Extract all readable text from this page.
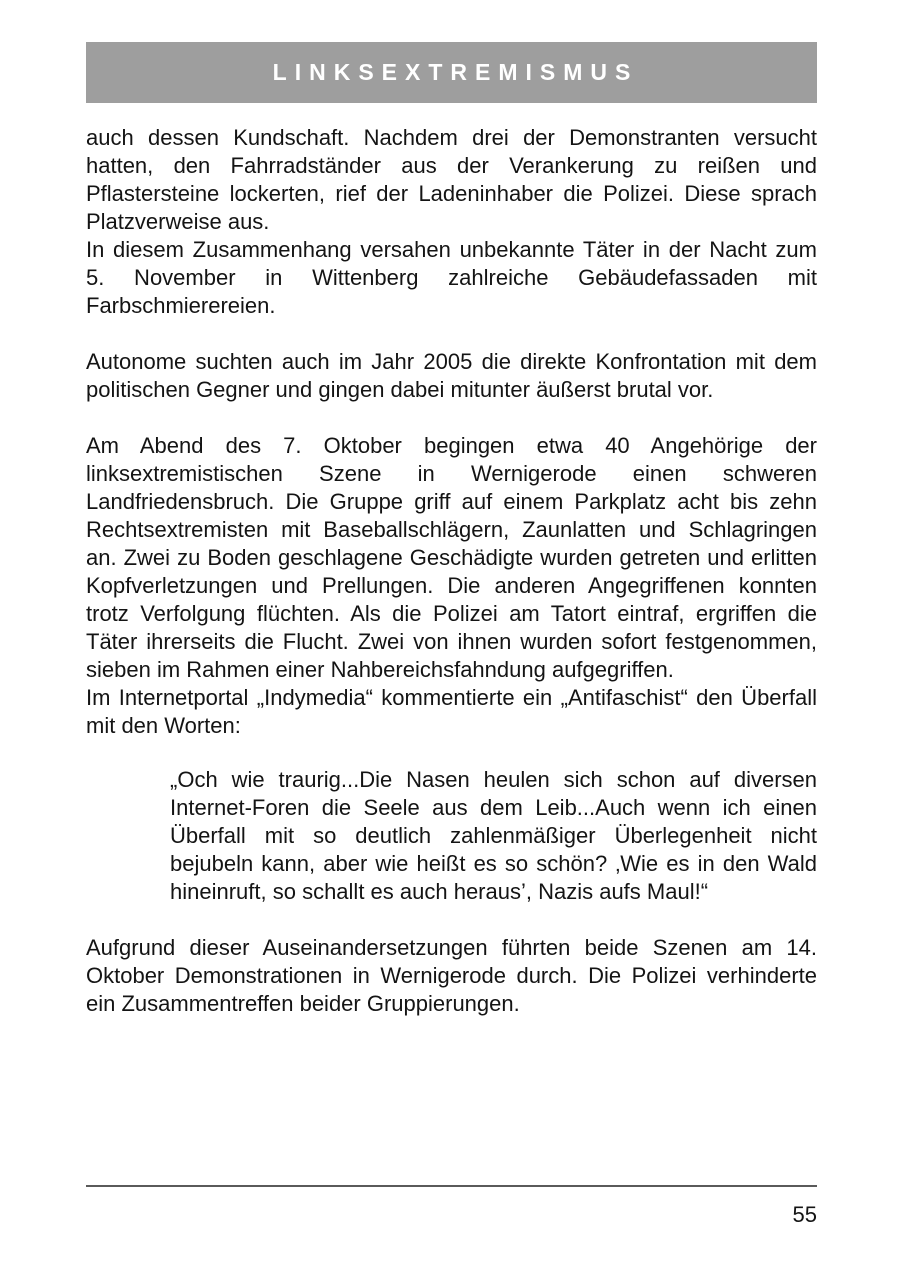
LINKSEXTREMISMUS

auch dessen Kundschaft. Nachdem drei der Demonstranten versucht hatten, den Fahrradständer aus der Verankerung zu reißen und Pflastersteine lockerten, rief der Ladeninhaber die Polizei. Diese sprach Platzverweise aus.

In diesem Zusammenhang versahen unbekannte Täter in der Nacht zum 5. November in Wittenberg zahlreiche Gebäudefassaden mit Farbschmierereien.

Autonome suchten auch im Jahr 2005 die direkte Konfrontation mit dem politischen Gegner und gingen dabei mitunter äußerst brutal vor.

Am Abend des 7. Oktober begingen etwa 40 Angehörige der linksextremistischen Szene in Wernigerode einen schweren Landfriedensbruch. Die Gruppe griff auf einem Parkplatz acht bis zehn Rechtsextremisten mit Baseballschlägern, Zaunlatten und Schlagringen an. Zwei zu Boden geschlagene Geschädigte wurden getreten und erlitten Kopfverletzungen und Prellungen. Die anderen Angegriffenen konnten trotz Verfolgung flüchten. Als die Polizei am Tatort eintraf, ergriffen die Täter ihrerseits die Flucht. Zwei von ihnen wurden sofort festgenommen, sieben im Rahmen einer Nahbereichsfahndung aufgegriffen.

Im Internetportal „Indymedia“ kommentierte ein „Antifaschist“ den Überfall mit den Worten:

„Och wie traurig...Die Nasen heulen sich schon auf diversen Internet-Foren die Seele aus dem Leib...Auch wenn ich einen Überfall mit so deutlich zahlenmäßiger Überlegenheit nicht bejubeln kann, aber wie heißt es so schön? ‚Wie es in den Wald hineinruft, so schallt es auch heraus’, Nazis aufs Maul!“

Aufgrund dieser Auseinandersetzungen führten beide Szenen am 14. Oktober Demonstrationen in Wernigerode durch. Die Polizei verhinderte ein Zusammentreffen beider Gruppierungen.

55
